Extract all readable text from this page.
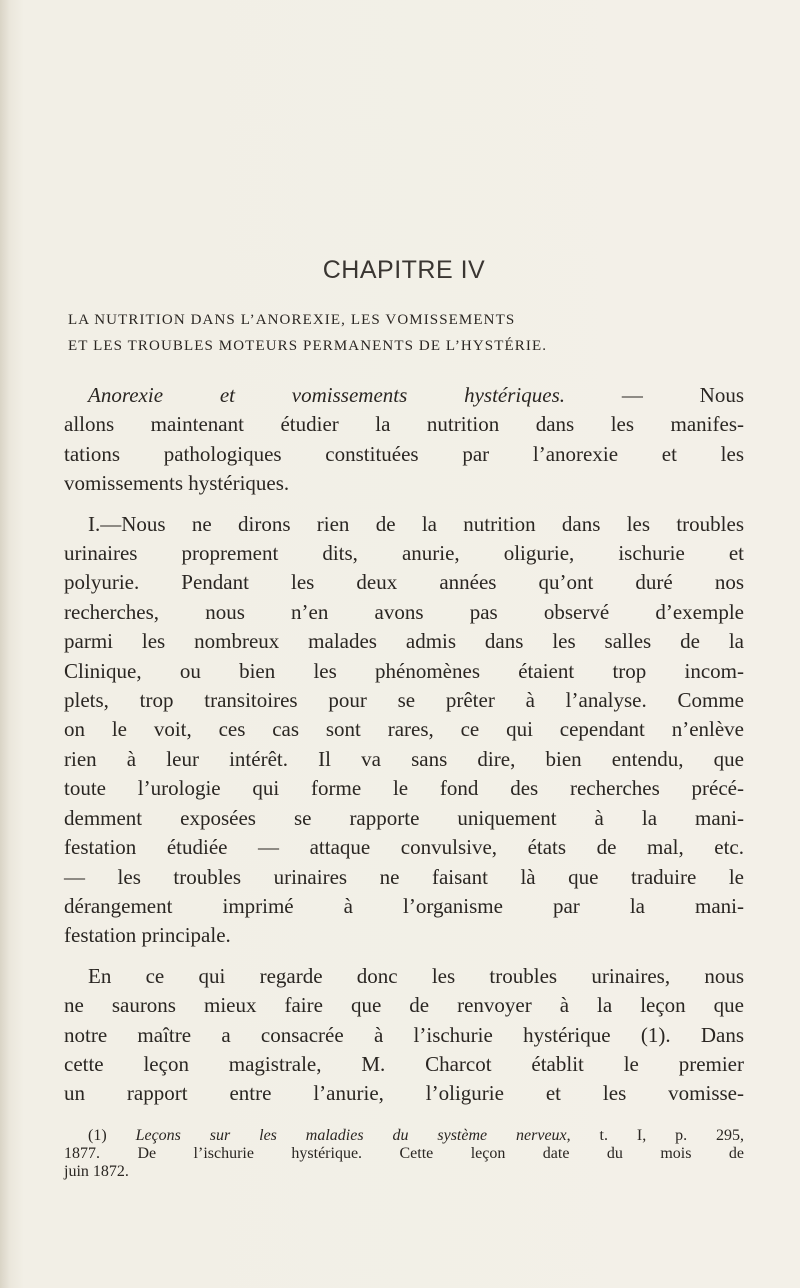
CHAPITRE IV
LA NUTRITION DANS L’ANOREXIE, LES VOMISSEMENTS
ET LES TROUBLES MOTEURS PERMANENTS DE L’HYSTÉRIE.
Anorexie et vomissements hystériques. — Nous
allons maintenant étudier la nutrition dans les manifes-
tations pathologiques constituées par l’anorexie et les
vomissements hystériques.
I.—Nous ne dirons rien de la nutrition dans les troubles
urinaires proprement dits, anurie, oligurie, ischurie et
polyurie. Pendant les deux années qu’ont duré nos
recherches, nous n’en avons pas observé d’exemple
parmi les nombreux malades admis dans les salles de la
Clinique, ou bien les phénomènes étaient trop incom-
plets, trop transitoires pour se prêter à l’analyse. Comme
on le voit, ces cas sont rares, ce qui cependant n’enlève
rien à leur intérêt. Il va sans dire, bien entendu, que
toute l’urologie qui forme le fond des recherches précé-
demment exposées se rapporte uniquement à la mani-
festation étudiée — attaque convulsive, états de mal, etc.
— les troubles urinaires ne faisant là que traduire le
dérangement imprimé à l’organisme par la mani-
festation principale.
En ce qui regarde donc les troubles urinaires, nous
ne saurons mieux faire que de renvoyer à la leçon que
notre maître a consacrée à l’ischurie hystérique (1). Dans
cette leçon magistrale, M. Charcot établit le premier
un rapport entre l’anurie, l’oligurie et les vomisse-
(1) Leçons sur les maladies du système nerveux, t. I, p. 295,
1877. De l’ischurie hystérique. Cette leçon date du mois de
juin 1872.
